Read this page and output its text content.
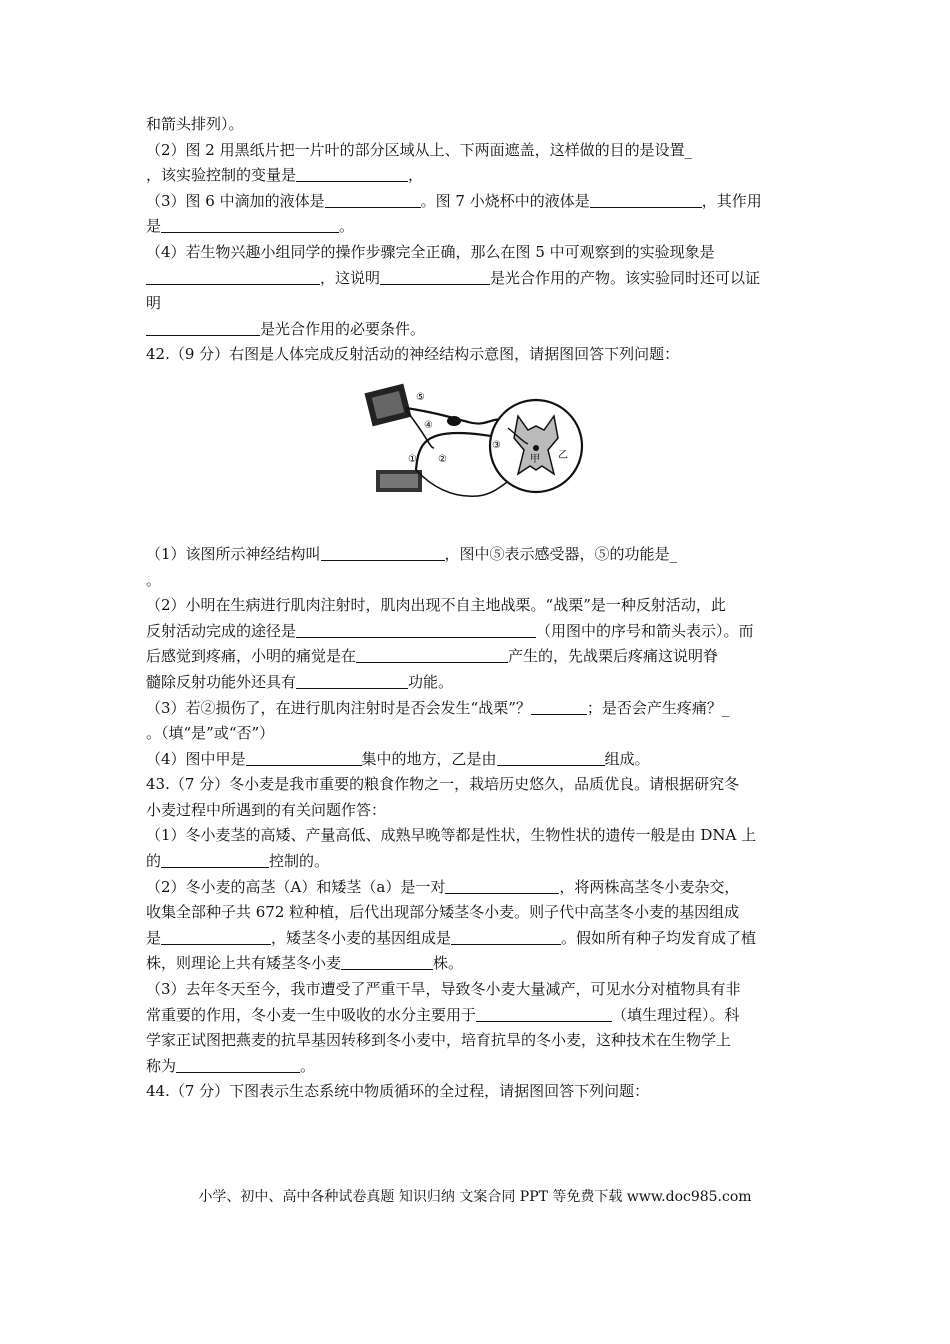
和箭头排列）。
（2）图 2 用黑纸片把一片叶的部分区域从上、下两面遮盖，这样做的目的是设置_
，该实验控制的变量是	，
（3）图 6 中滴加的液体是	。图 7 小烧杯中的液体是	，其作用
是	。
（4）若生物兴趣小组同学的操作步骤完全正确，那么在图 5 中可观察到的实验现象是
，这说明	是光合作用的产物。该实验同时还可以证
明
是光合作用的必要条件。
42.（9 分）右图是人体完成反射活动的神经结构示意图，请据图回答下列问题：
⑤
④
① ②
③
甲 乙
（1）该图所示神经结构叫	，图中⑤表示感受器，⑤的功能是_
。
（2）小明在生病进行肌肉注射时，肌肉出现不自主地战栗。“战栗”是一种反射活动，此
反射活动完成的途径是	（用图中的序号和箭头表示）。而
后感觉到疼痛，小明的痛觉是在	产生的，先战栗后疼痛这说明脊
髓除反射功能外还具有	功能。
（3）若②损伤了，在进行肌肉注射时是否会发生“战栗”？	；是否会产生疼痛？_
。（填“是”或“否”）
（4）图中甲是	集中的地方，乙是由	组成。
43.（7 分）冬小麦是我市重要的粮食作物之一，栽培历史悠久，品质优良。请根据研究冬
小麦过程中所遇到的有关问题作答：
（1）冬小麦茎的高矮、产量高低、成熟早晚等都是性状，生物性状的遗传一般是由 DNA 上
的	控制的。
（2）冬小麦的高茎（A）和矮茎（a）是一对	，将两株高茎冬小麦杂交，
收集全部种子共 672 粒种植，后代出现部分矮茎冬小麦。则子代中高茎冬小麦的基因组成
是	，矮茎冬小麦的基因组成是	。假如所有种子均发育成了植
株，则理论上共有矮茎冬小麦	株。
（3）去年冬天至今，我市遭受了严重干旱，导致冬小麦大量减产，可见水分对植物具有非
常重要的作用，冬小麦一生中吸收的水分主要用于	（填生理过程）。科
学家正试图把燕麦的抗旱基因转移到冬小麦中，培育抗旱的冬小麦，这种技术在生物学上
称为	。
44.（7 分）下图表示生态系统中物质循环的全过程，请据图回答下列问题：
小学、初中、高中各种试卷真题 知识归纳 文案合同 PPT 等免费下载 www.doc985.com
